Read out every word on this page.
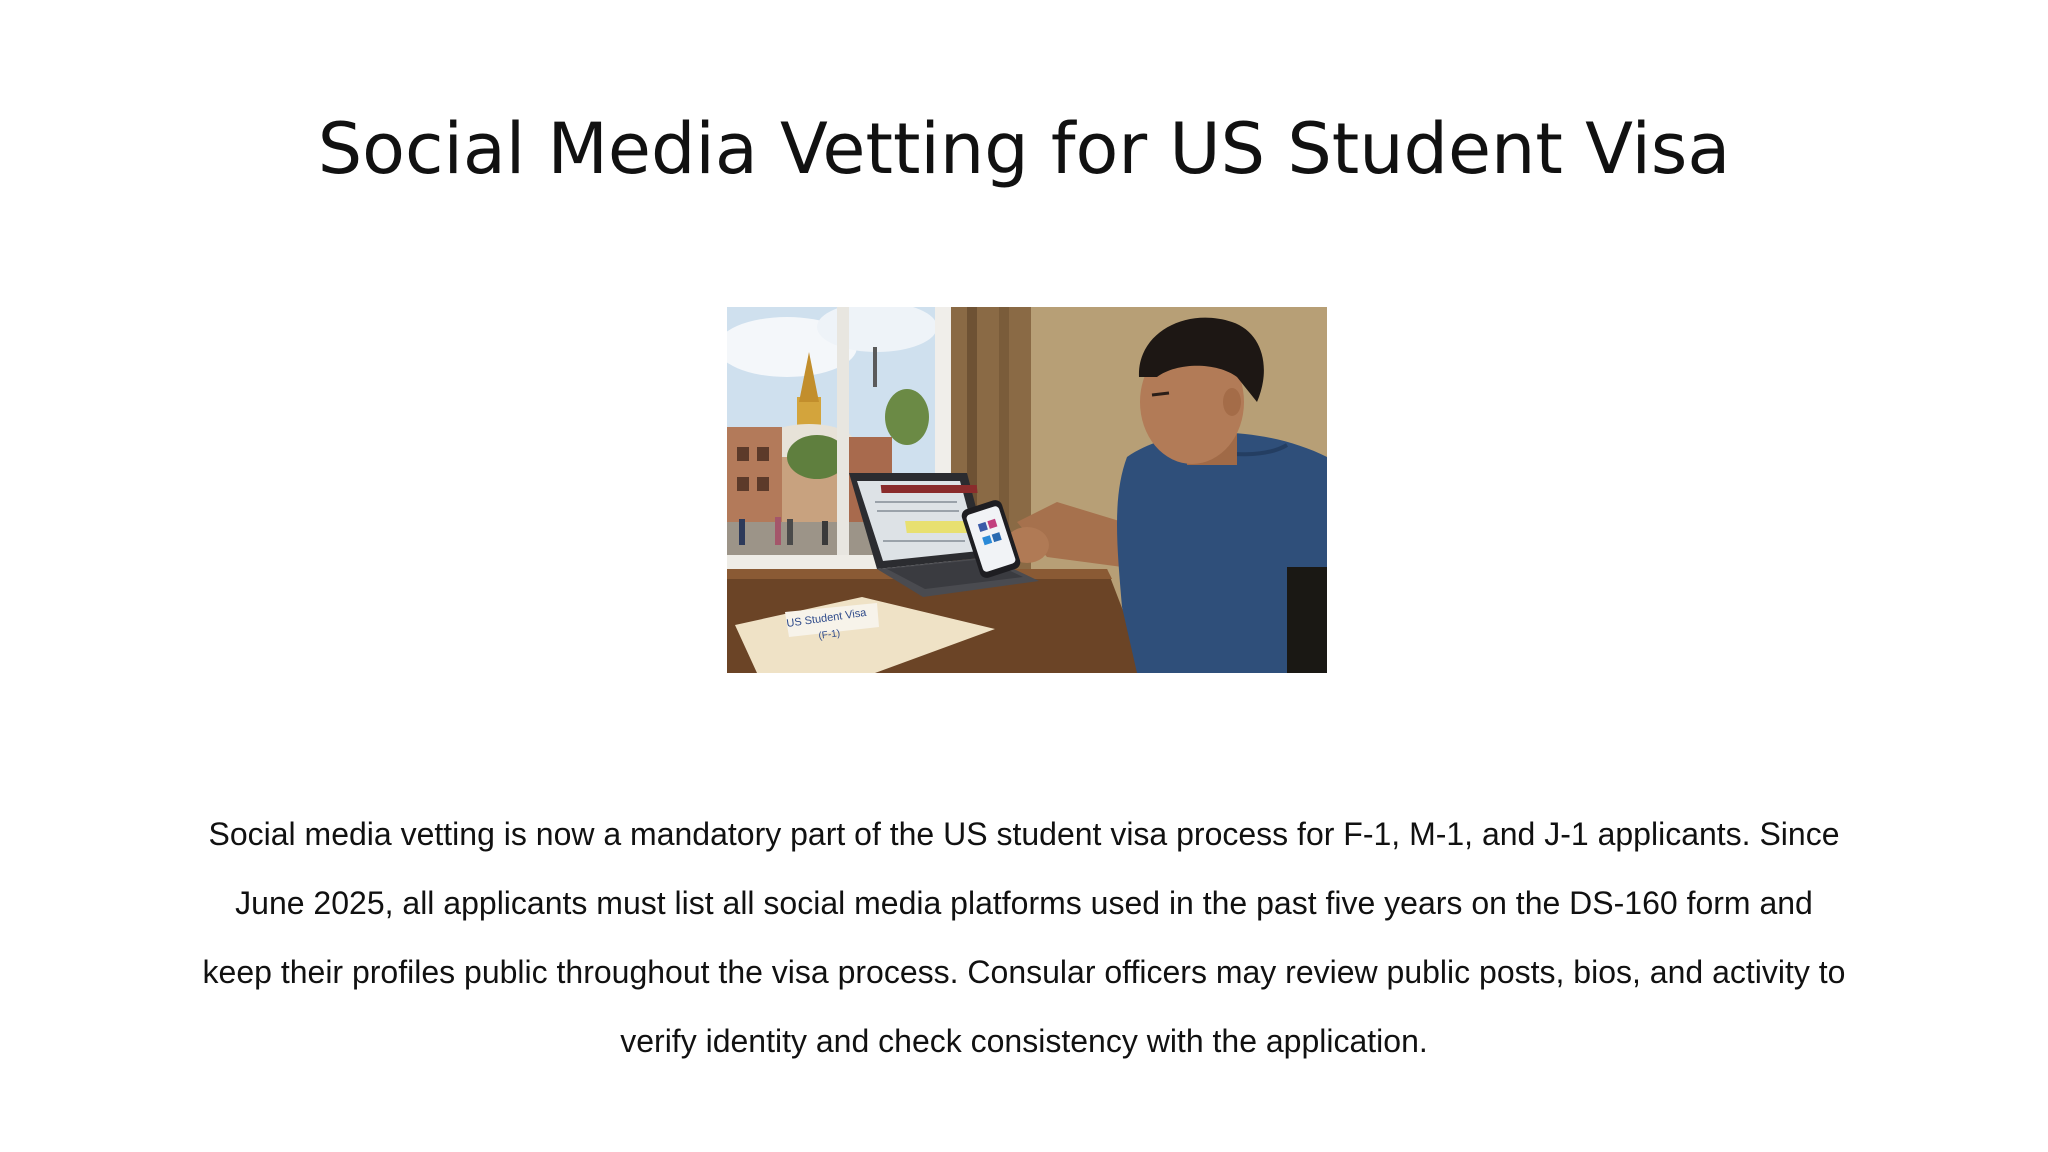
Social Media Vetting for US Student Visa
US Student Visa
(F-1)
Social media vetting is now a mandatory part of the US student visa process for F-1, M-1, and J-1 applicants. Since June 2025, all applicants must list all social media platforms used in the past five years on the DS-160 form and keep their profiles public throughout the visa process. Consular officers may review public posts, bios, and activity to verify identity and check consistency with the application.
